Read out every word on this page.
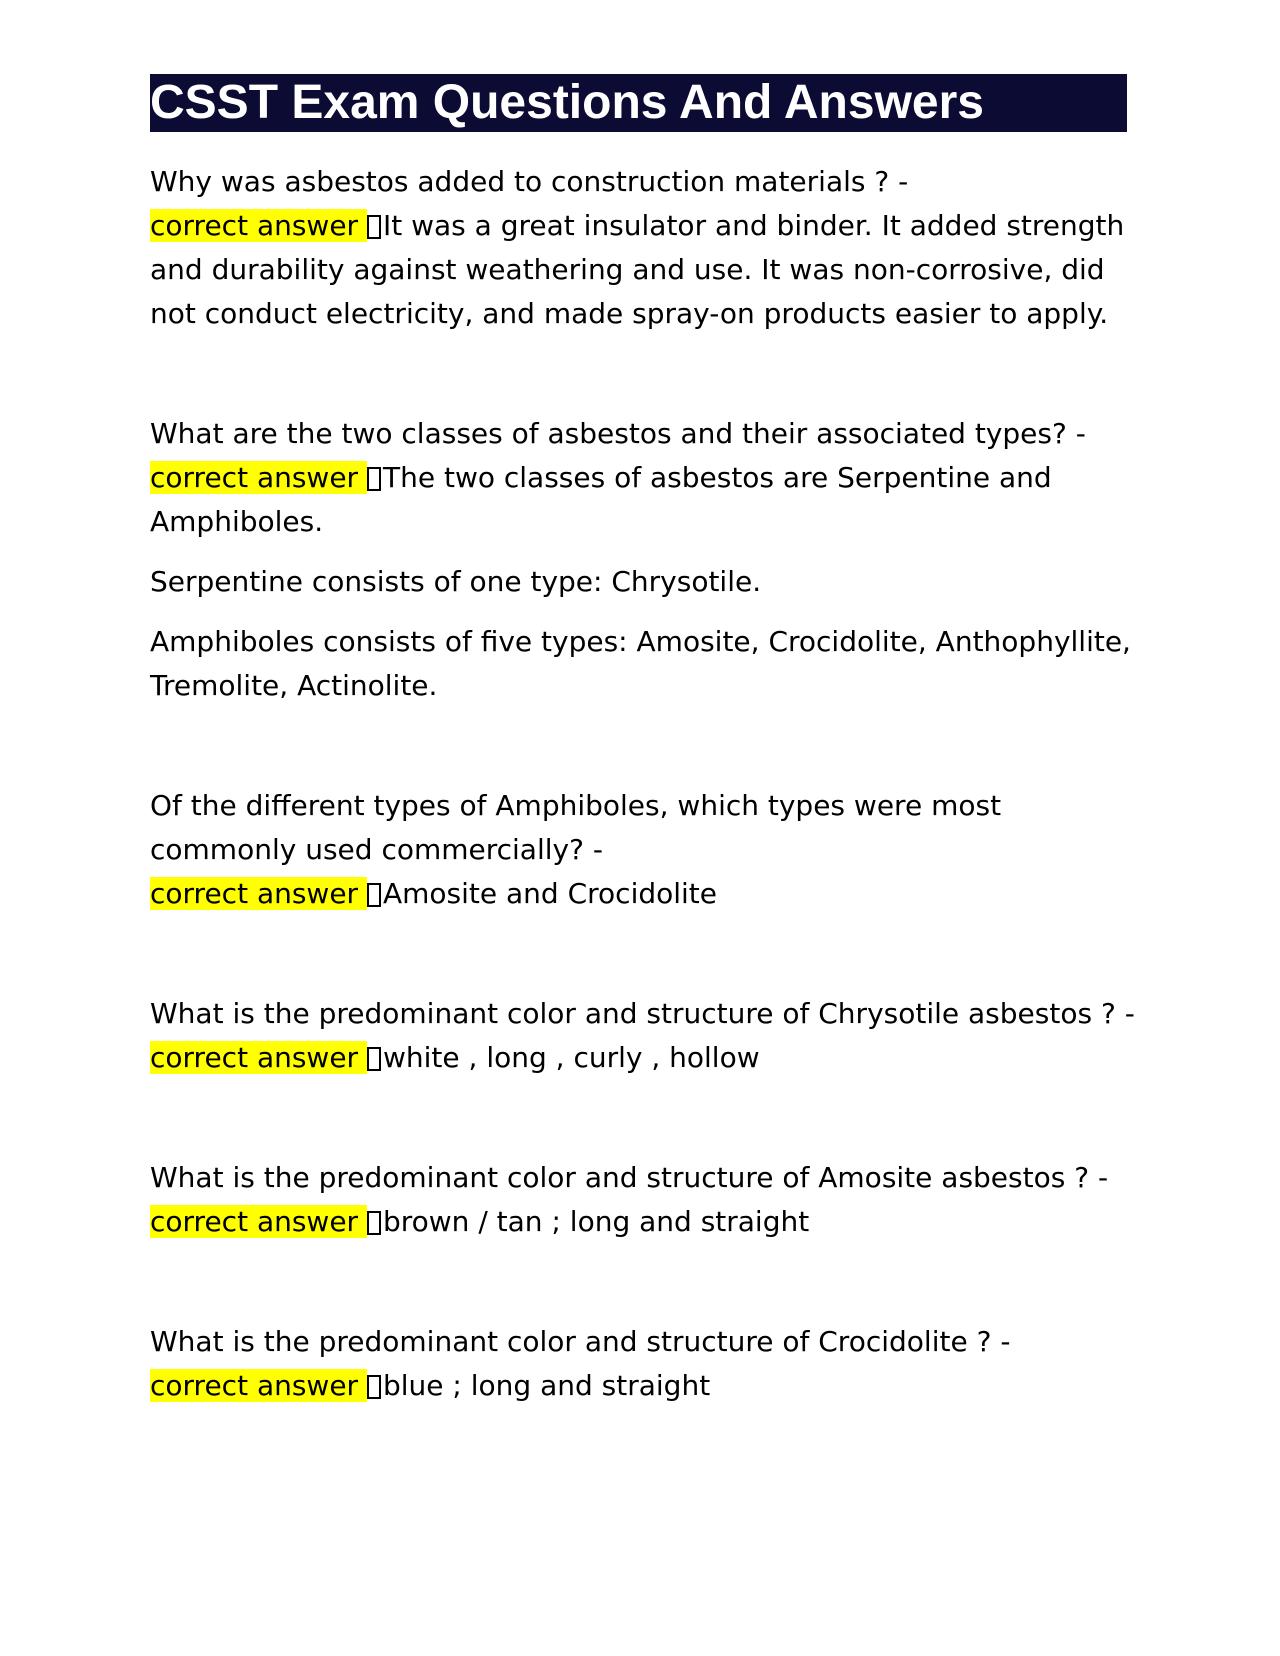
CSST Exam Questions And Answers

Why was asbestos added to construction materials ? -

correct answer It was a great insulator and binder. It added strength and durability against weathering and use. It was non-corrosive, did not conduct electricity, and made spray-on products easier to apply.

What are the two classes of asbestos and their associated types? -

correct answer The two classes of asbestos are Serpentine and Amphiboles.

Serpentine consists of one type: Chrysotile.

Amphiboles consists of five types: Amosite, Crocidolite, Anthophyllite, Tremolite, Actinolite.

Of the different types of Amphiboles, which types were most commonly used commercially? -

correct answer Amosite and Crocidolite

What is the predominant color and structure of Chrysotile asbestos ? -

correct answer white , long , curly , hollow

What is the predominant color and structure of Amosite asbestos ? -

correct answer brown / tan ; long and straight

What is the predominant color and structure of Crocidolite ? -

correct answer blue ; long and straight
